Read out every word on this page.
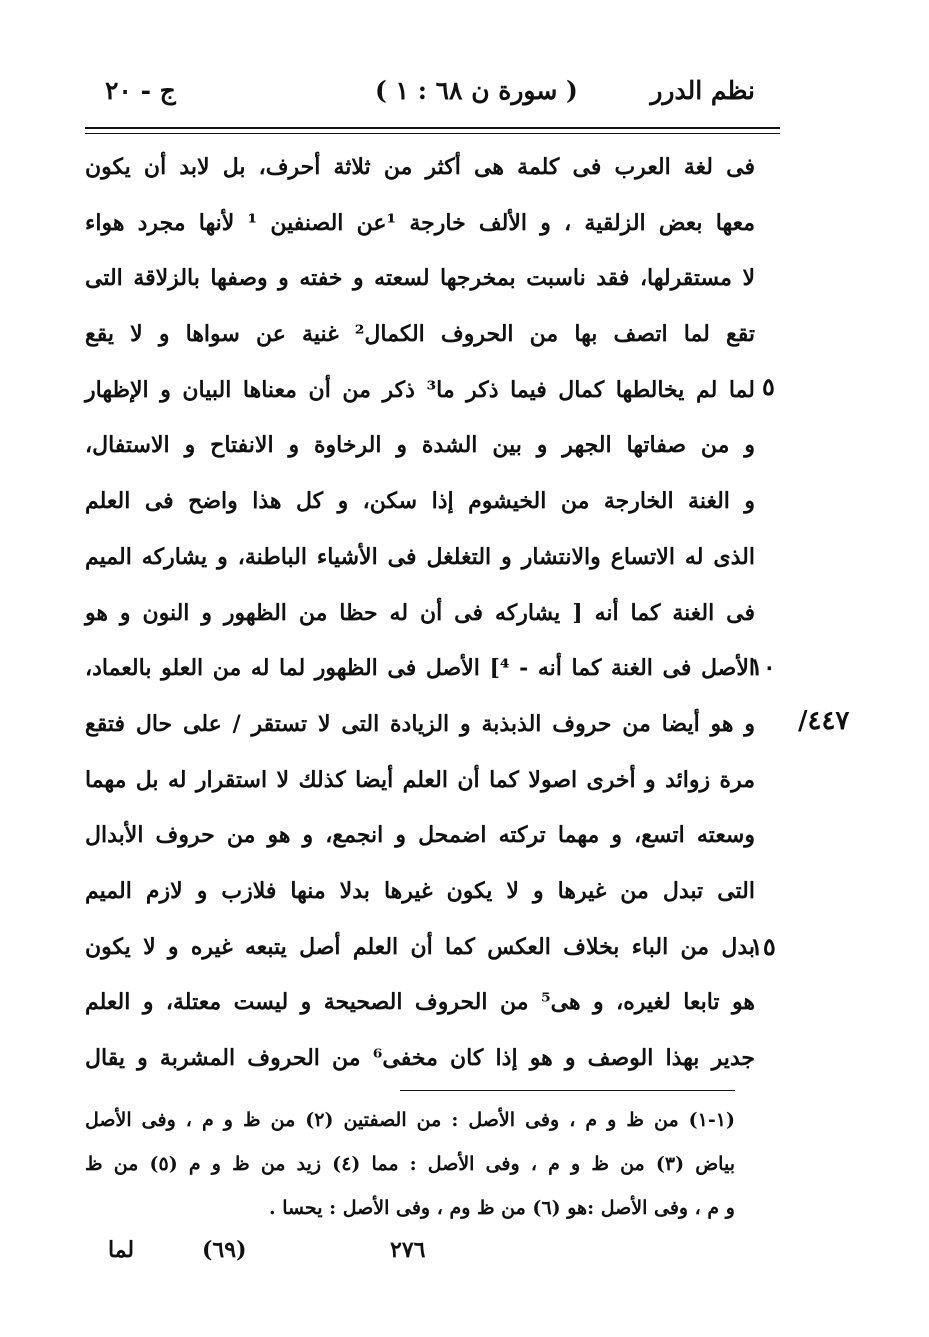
نظم الدرر
( سورة ن ٦٨ : ١ )
ج - ٢٠
فى لغة العرب فى كلمة هى أكثر من ثلاثة أحرف، بل لابد أن يكون
معها بعض الزلقية ، و الألف خارجة ¹عن الصنفين ¹ لأنها مجرد هواء
لا مستقرلها، فقد ناسبت بمخرجها لسعته و خفته و وصفها بالزلاقة التى
تقع لما اتصف بها من الحروف الكمال² غنية عن سواها و لا يقع
لما لم يخالطها كمال فيما ذكر ما³ ذكر من أن معناها البيان و الإظهار
و من صفاتها الجهر و بين الشدة و الرخاوة و الانفتاح و الاستفال،
و الغنة الخارجة من الخيشوم إذا سكن، و كل هذا واضح فى العلم
الذى له الاتساع والانتشار و التغلغل فى الأشياء الباطنة، و يشاركه الميم
فى الغنة كما أنه [ يشاركه فى أن له حظا من الظهور و النون و هو
الأصل فى الغنة كما أنه - ⁴] الأصل فى الظهور لما له من العلو بالعماد،
و هو أيضا من حروف الذبذبة و الزيادة التى لا تستقر / على حال فتقع
مرة زوائد و أخرى اصولا كما أن العلم أيضا كذلك لا استقرار له بل مهما
وسعته اتسع، و مهما تركته اضمحل و انجمع، و هو من حروف الأبدال
التى تبدل من غيرها و لا يكون غيرها بدلا منها فلازب و لازم الميم
بدل من الباء بخلاف العكس كما أن العلم أصل يتبعه غيره و لا يكون
هو تابعا لغيره، و هى⁵ من الحروف الصحيحة و ليست معتلة، و العلم
جدير بهذا الوصف و هو إذا كان مخفى⁶ من الحروف المشربة و يقال
٥
١٠
١٥
/٤٤٧
(١-١) من ظ و م ، وفى الأصل : من الصفتين (٢) من ظ و م ، وفى الأصل
بياض (٣) من ظ و م ، وفى الأصل : مما (٤) زيد من ظ و م (٥) من ظ
و م ، وفى الأصل :هو (٦) من ظ وم ، وفى الأصل : يحسا .
لما	(٦٩)	٢٧٦
